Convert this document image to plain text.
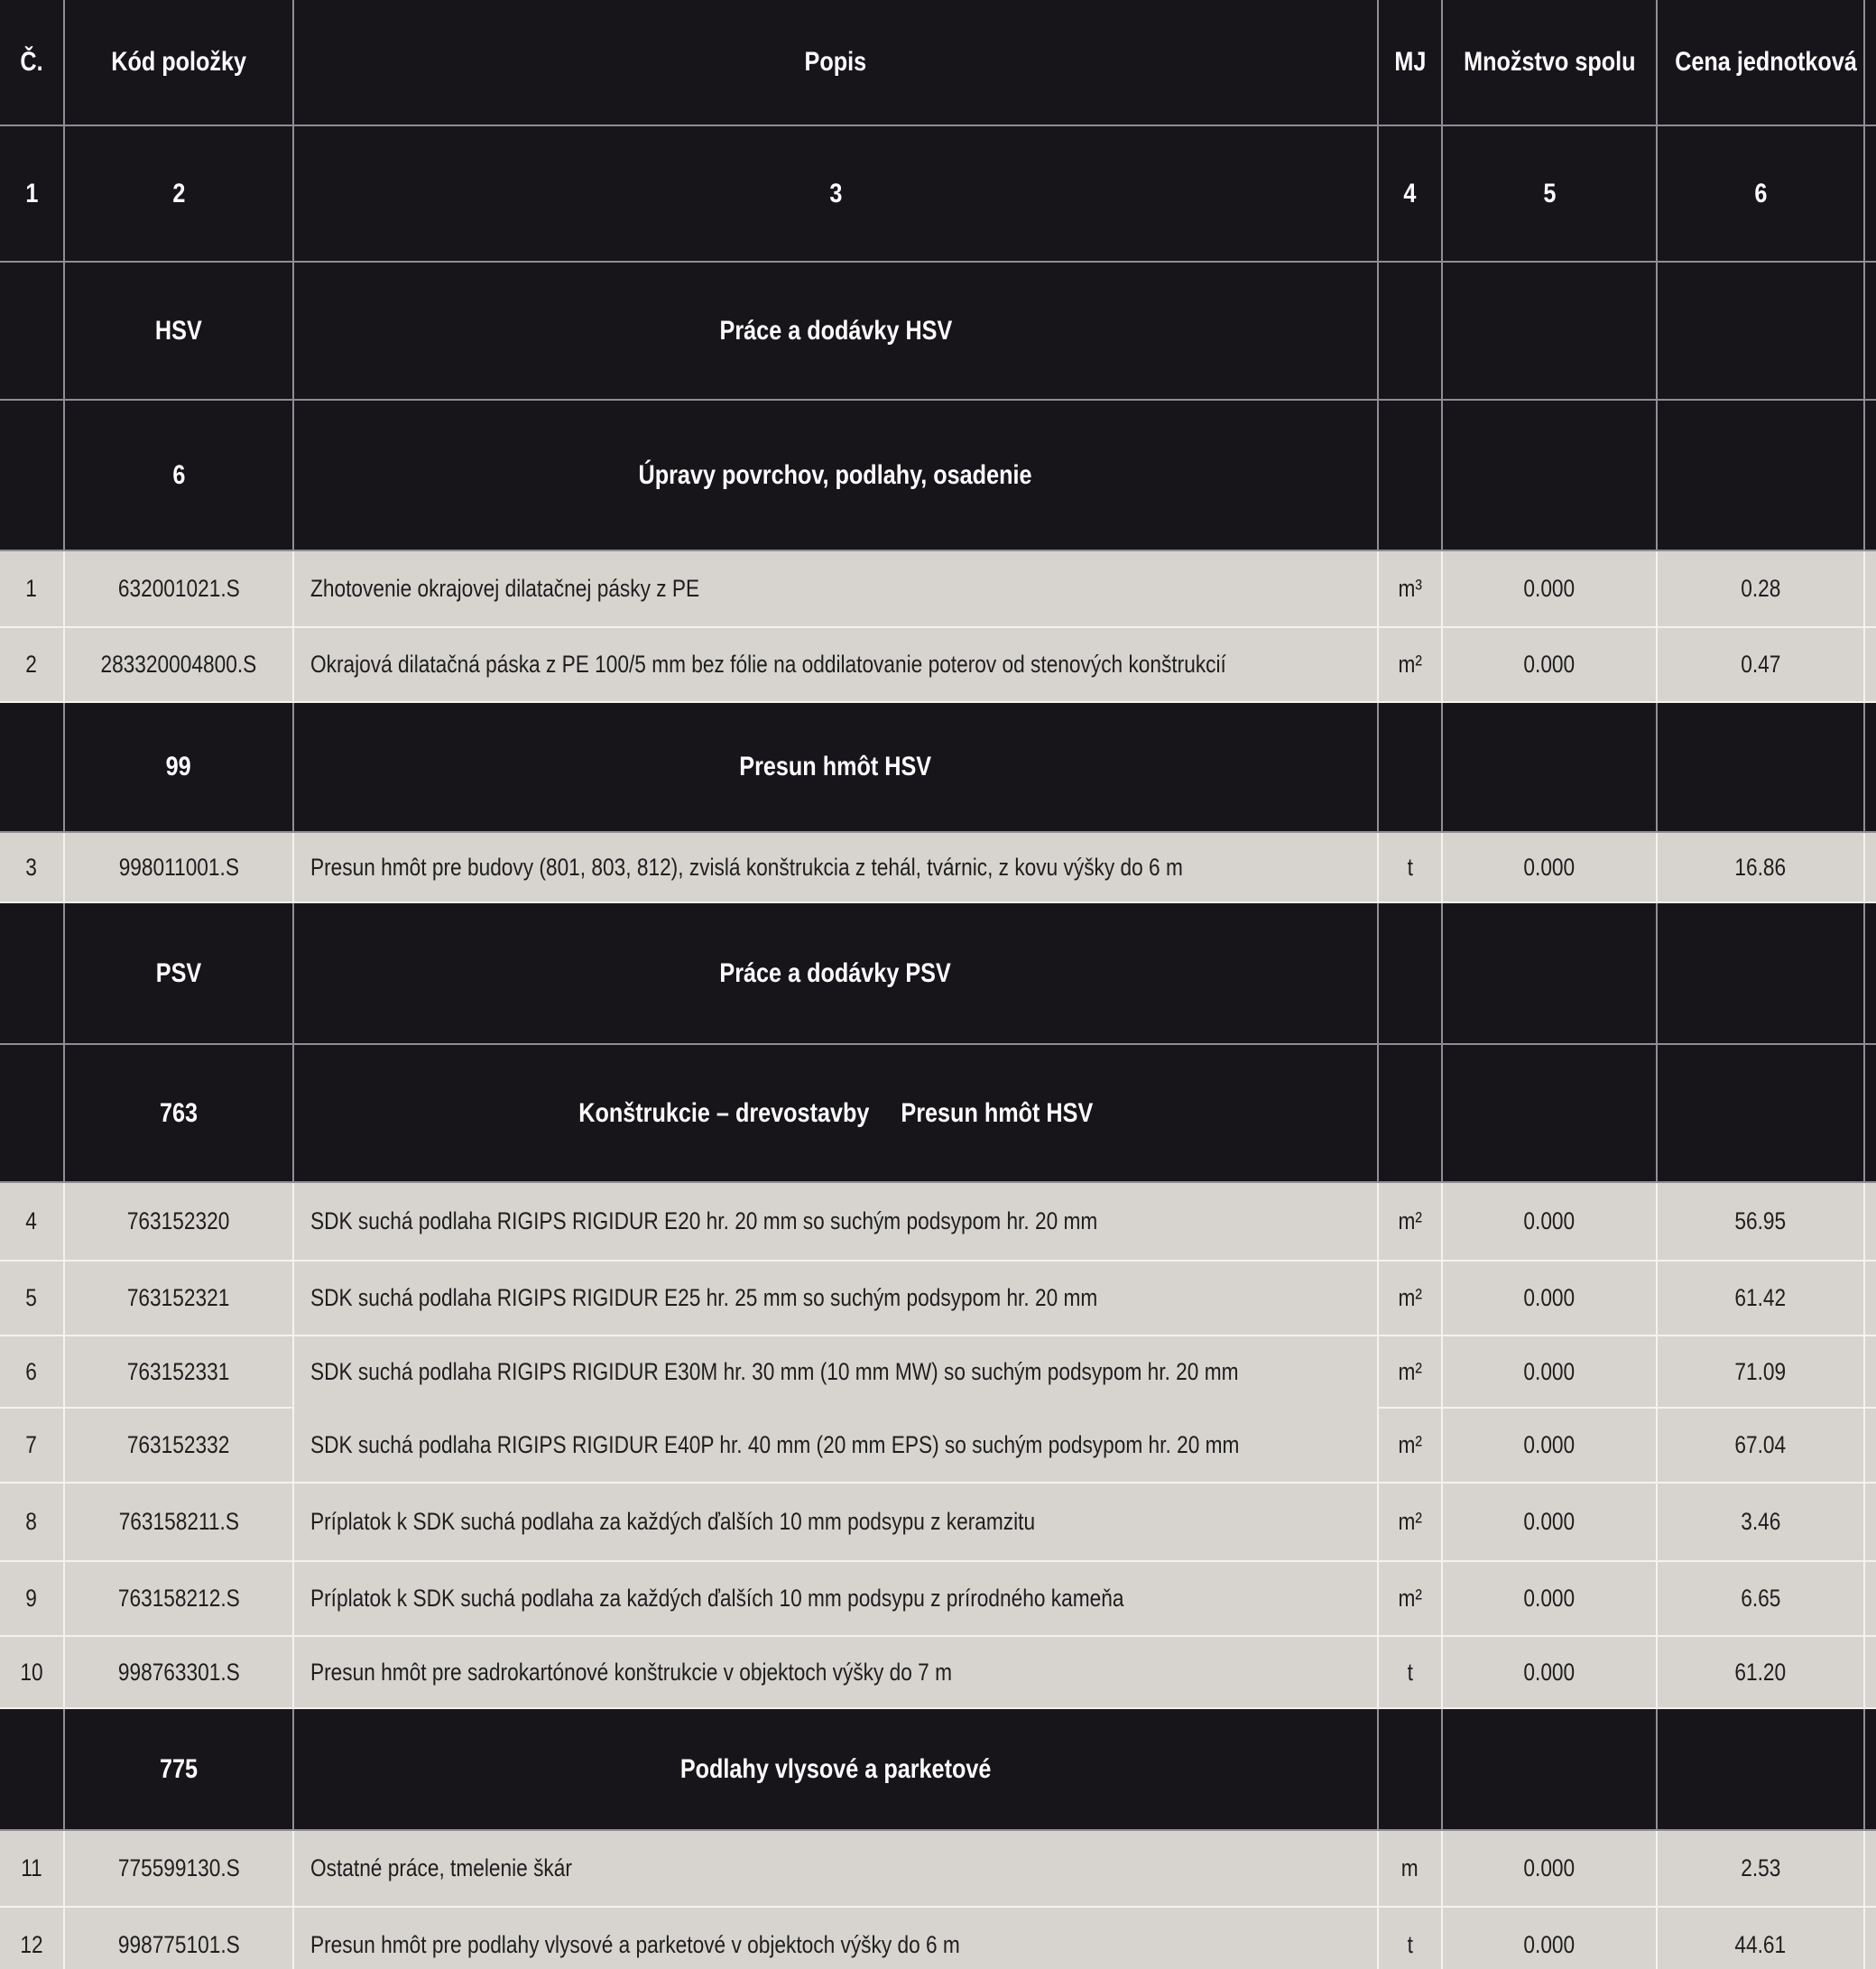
Č.	Kód položky	Popis	MJ	Množstvo spolu	Cena jednotková	
1	2	3	4	5	6	
	HSV	Práce a dodávky HSV				
	6	Úpravy povrchov, podlahy, osadenie				
1	632001021.S	Zhotovenie okrajovej dilatačnej pásky z PE	m³	0.000	0.28	
2	283320004800.S	Okrajová dilatačná páska z PE 100/5 mm bez fólie na oddilatovanie poterov od stenových konštrukcií	m²	0.000	0.47	
	99	Presun hmôt HSV				
3	998011001.S	Presun hmôt pre budovy (801, 803, 812), zvislá konštrukcia z tehál, tvárnic, z kovu výšky do 6 m	t	0.000	16.86	
	PSV	Práce a dodávky PSV				
	763	Konštrukcie – drevostavby     Presun hmôt HSV				
4	763152320	SDK suchá podlaha RIGIPS RIGIDUR E20 hr. 20 mm so suchým podsypom hr. 20 mm	m²	0.000	56.95	
5	763152321	SDK suchá podlaha RIGIPS RIGIDUR E25 hr. 25 mm so suchým podsypom hr. 20 mm	m²	0.000	61.42	
6	763152331	SDK suchá podlaha RIGIPS RIGIDUR E30M hr. 30 mm (10 mm MW) so suchým podsypom hr. 20 mm	m²	0.000	71.09	
7	763152332	SDK suchá podlaha RIGIPS RIGIDUR E40P hr. 40 mm (20 mm EPS) so suchým podsypom hr. 20 mm	m²	0.000	67.04	
8	763158211.S	Príplatok k SDK suchá podlaha za každých ďalších 10 mm podsypu z keramzitu	m²	0.000	3.46	
9	763158212.S	Príplatok k SDK suchá podlaha za každých ďalších 10 mm podsypu z prírodného kameňa	m²	0.000	6.65	
10	998763301.S	Presun hmôt pre sadrokartónové konštrukcie v objektoch výšky do 7 m	t	0.000	61.20	
	775	Podlahy vlysové a parketové				
11	775599130.S	Ostatné práce, tmelenie škár	m	0.000	2.53	
12	998775101.S	Presun hmôt pre podlahy vlysové a parketové v objektoch výšky do 6 m	t	0.000	44.61	
